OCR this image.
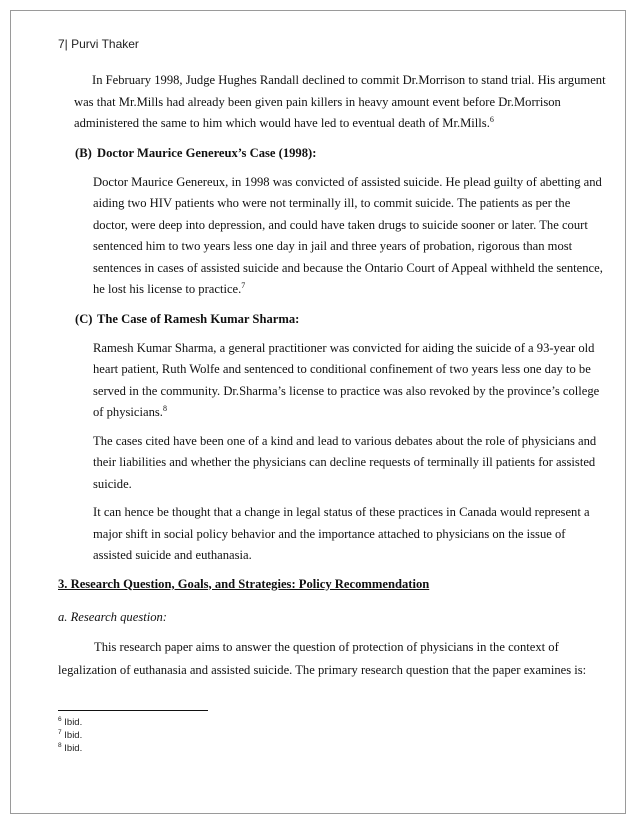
7| Purvi Thaker

In February 1998, Judge Hughes Randall declined to commit Dr.Morrison to stand trial. His argument was that Mr.Mills had already been given pain killers in heavy amount event before Dr.Morrison administered the same to him which would have led to eventual death of Mr.Mills.$^6$

(B) Doctor Maurice Genereux’s Case (1998):

Doctor Maurice Genereux, in 1998 was convicted of assisted suicide. He plead guilty of abetting and aiding two HIV patients who were not terminally ill, to commit suicide. The patients as per the doctor, were deep into depression, and could have taken drugs to suicide sooner or later. The court sentenced him to two years less one day in jail and three years of probation, rigorous than most sentences in cases of assisted suicide and because the Ontario Court of Appeal withheld the sentence, he lost his license to practice.$^7$

(C) The Case of Ramesh Kumar Sharma:

Ramesh Kumar Sharma, a general practitioner was convicted for aiding the suicide of a 93-year old heart patient, Ruth Wolfe and sentenced to conditional confinement of two years less one day to be served in the community. Dr.Sharma’s license to practice was also revoked by the province’s college of physicians.$^8$

The cases cited have been one of a kind and lead to various debates about the role of physicians and their liabilities and whether the physicians can decline requests of terminally ill patients for assisted suicide.

It can hence be thought that a change in legal status of these practices in Canada would represent a major shift in social policy behavior and the importance attached to physicians on the issue of assisted suicide and euthanasia.

3. Research Question, Goals, and Strategies: Policy Recommendation
a. Research question:

This research paper aims to answer the question of protection of physicians in the context of legalization of euthanasia and assisted suicide. The primary research question that the paper examines is:

$^6$ Ibid.
$^7$ Ibid.
$^8$ Ibid.
